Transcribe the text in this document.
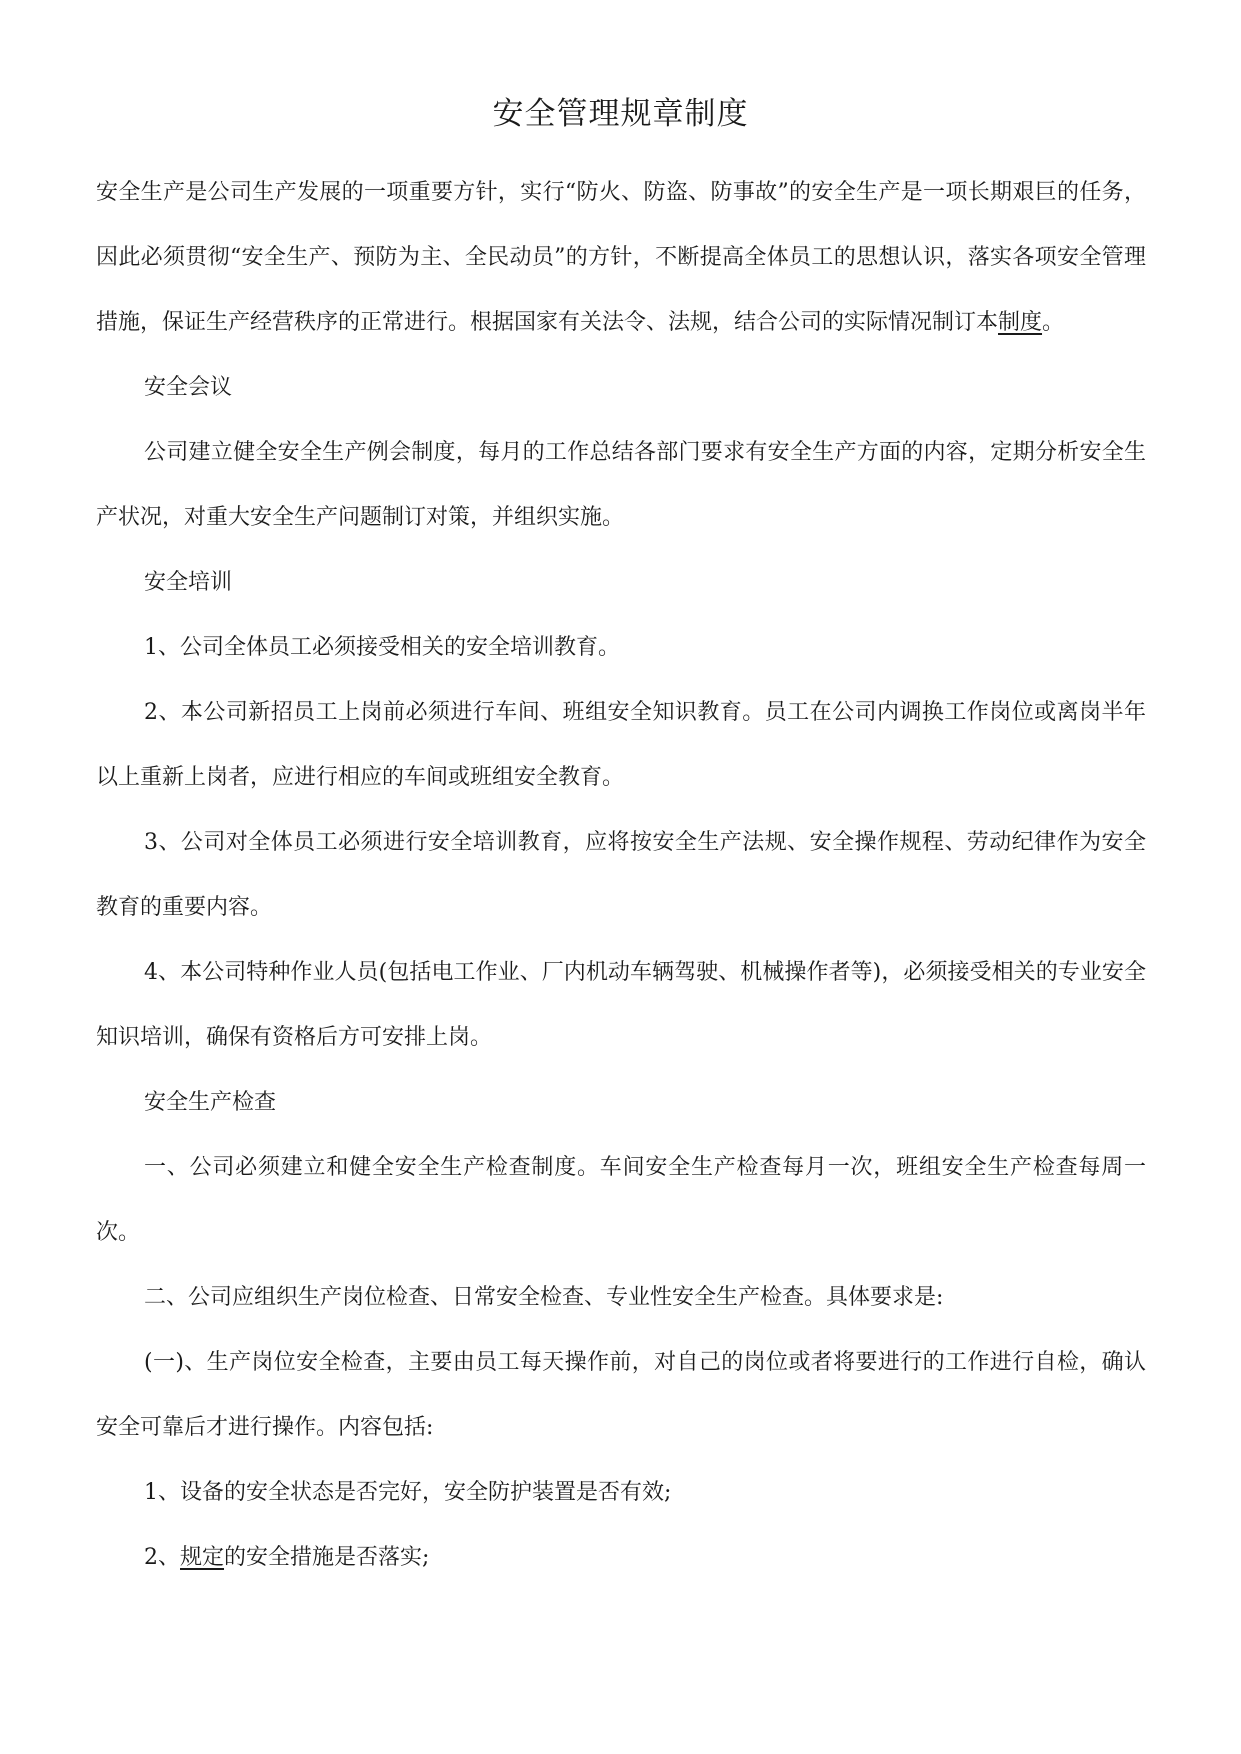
安全管理规章制度

安全生产是公司生产发展的一项重要方针，实行“防火、防盗、防事故”的安全生产是一项长期艰巨的任务，因此必须贯彻“安全生产、预防为主、全民动员”的方针，不断提高全体员工的思想认识，落实各项安全管理措施，保证生产经营秩序的正常进行。根据国家有关法令、法规，结合公司的实际情况制订本制度。

安全会议

公司建立健全安全生产例会制度，每月的工作总结各部门要求有安全生产方面的内容，定期分析安全生产状况，对重大安全生产问题制订对策，并组织实施。

安全培训

1、公司全体员工必须接受相关的安全培训教育。

2、本公司新招员工上岗前必须进行车间、班组安全知识教育。员工在公司内调换工作岗位或离岗半年以上重新上岗者，应进行相应的车间或班组安全教育。

3、公司对全体员工必须进行安全培训教育，应将按安全生产法规、安全操作规程、劳动纪律作为安全教育的重要内容。

4、本公司特种作业人员(包括电工作业、厂内机动车辆驾驶、机械操作者等)，必须接受相关的专业安全知识培训，确保有资格后方可安排上岗。

安全生产检查

一、公司必须建立和健全安全生产检查制度。车间安全生产检查每月一次，班组安全生产检查每周一次。

二、公司应组织生产岗位检查、日常安全检查、专业性安全生产检查。具体要求是:

(一)、生产岗位安全检查，主要由员工每天操作前，对自己的岗位或者将要进行的工作进行自检，确认安全可靠后才进行操作。内容包括:

1、设备的安全状态是否完好，安全防护装置是否有效;

2、规定的安全措施是否落实;
